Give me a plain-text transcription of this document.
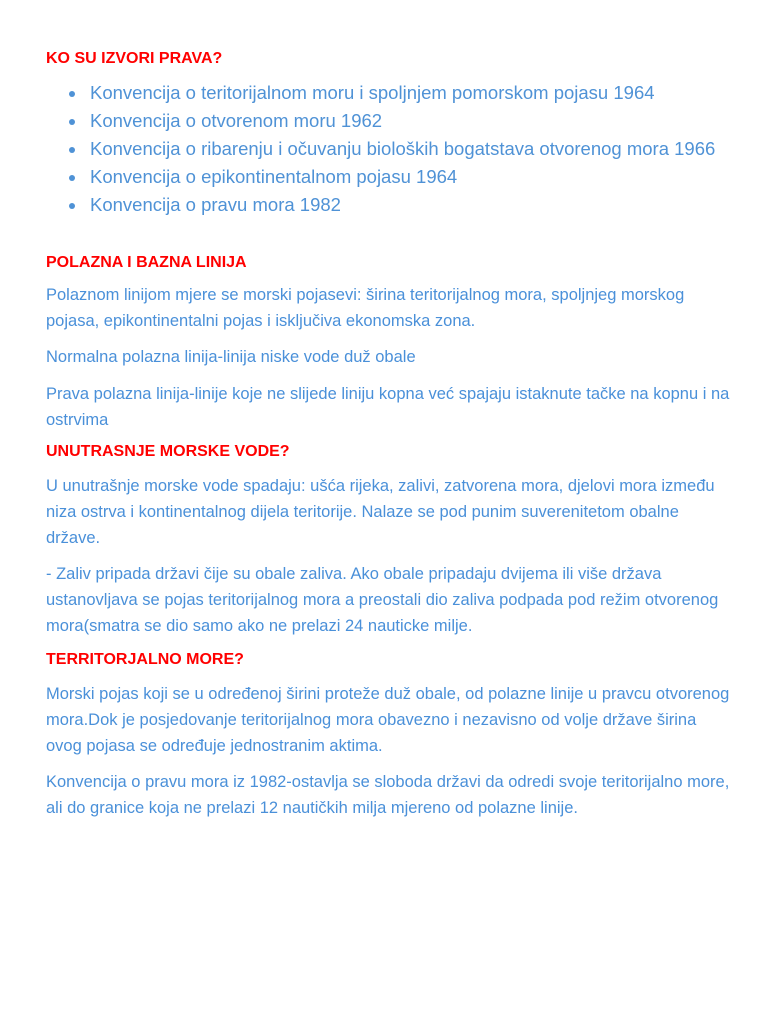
KO SU IZVORI PRAVA?
Konvencija o teritorijalnom moru i spoljnjem pomorskom pojasu 1964
Konvencija o otvorenom moru 1962
Konvencija o ribarenju i očuvanju bioloških bogatstava otvorenog mora 1966
Konvencija o epikontinentalnom pojasu 1964
Konvencija o pravu mora 1982
POLAZNA I BAZNA LINIJA

Polaznom linijom mjere se morski pojasevi: širina teritorijalnog mora, spoljnjeg morskog pojasa, epikontinentalni pojas i isključiva ekonomska zona.

Normalna polazna linija-linija niske vode duž obale

Prava polazna linija-linije koje ne slijede liniju kopna već spajaju istaknute tačke na kopnu i na ostrvima

UNUTRASNJE MORSKE VODE?

U unutrašnje morske vode spadaju: ušća rijeka, zalivi, zatvorena mora, djelovi mora između niza ostrva i kontinentalnog dijela teritorije. Nalaze se pod punim suverenitetom obalne države.

- Zaliv pripada državi čije su obale zaliva. Ako obale pripadaju dvijema ili više država ustanovljava se pojas teritorijalnog mora a preostali dio zaliva podpada pod režim otvorenog mora(smatra se dio samo ako ne prelazi 24 nauticke milje.

TERRITORJALNO MORE?

Morski pojas koji se u određenoj širini proteže duž obale, od polazne linije u pravcu otvorenog mora.Dok je posjedovanje teritorijalnog mora obavezno i nezavisno od volje države širina ovog pojasa se određuje jednostranim aktima.

Konvencija o pravu mora iz 1982-ostavlja se sloboda državi da odredi svoje teritorijalno more, ali do granice koja ne prelazi 12 nautičkih milja mjereno od polazne linije.
